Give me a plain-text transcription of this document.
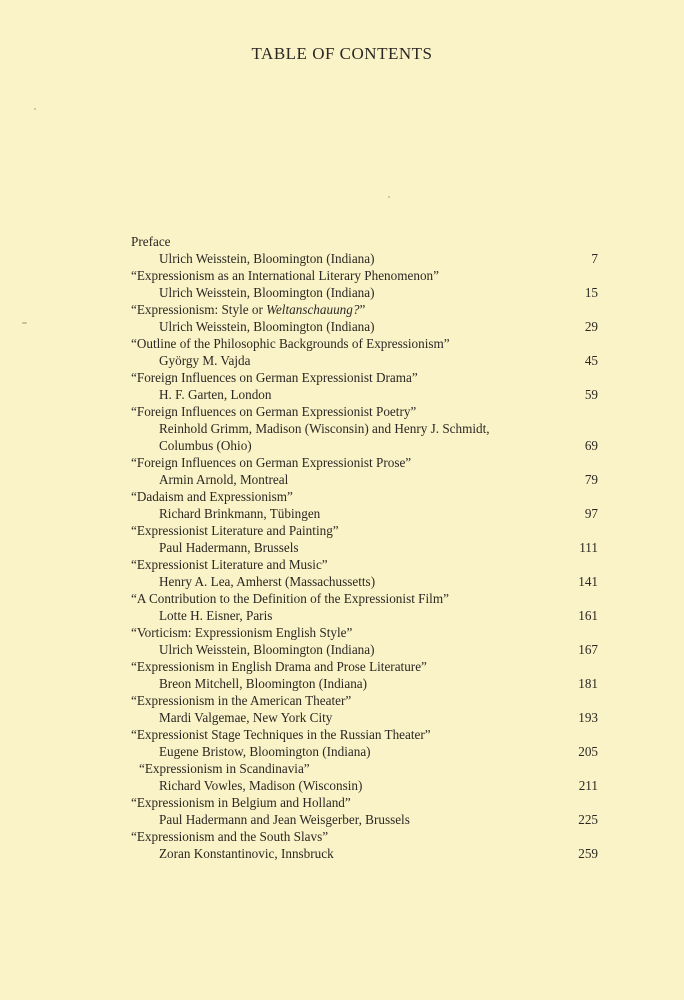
TABLE OF CONTENTS
Preface
Ulrich Weisstein, Bloomington (Indiana)	7
“Expressionism as an International Literary Phenomenon”
Ulrich Weisstein, Bloomington (Indiana)	15
“Expressionism: Style or Weltanschauung?”
Ulrich Weisstein, Bloomington (Indiana)	29
“Outline of the Philosophic Backgrounds of Expressionism”
György M. Vajda	45
“Foreign Influences on German Expressionist Drama”
H. F. Garten, London	59
“Foreign Influences on German Expressionist Poetry”
Reinhold Grimm, Madison (Wisconsin) and Henry J. Schmidt,
Columbus (Ohio)	69
“Foreign Influences on German Expressionist Prose”
Armin Arnold, Montreal	79
“Dadaism and Expressionism”
Richard Brinkmann, Tübingen	97
“Expressionist Literature and Painting”
Paul Hadermann, Brussels	111
“Expressionist Literature and Music”
Henry A. Lea, Amherst (Massachussetts)	141
“A Contribution to the Definition of the Expressionist Film”
Lotte H. Eisner, Paris	161
“Vorticism: Expressionism English Style”
Ulrich Weisstein, Bloomington (Indiana)	167
“Expressionism in English Drama and Prose Literature”
Breon Mitchell, Bloomington (Indiana)	181
“Expressionism in the American Theater”
Mardi Valgemae, New York City	193
“Expressionist Stage Techniques in the Russian Theater”
Eugene Bristow, Bloomington (Indiana)	205
“Expressionism in Scandinavia”
Richard Vowles, Madison (Wisconsin)	211
“Expressionism in Belgium and Holland”
Paul Hadermann and Jean Weisgerber, Brussels	225
“Expressionism and the South Slavs”
Zoran Konstantinovic, Innsbruck	259
